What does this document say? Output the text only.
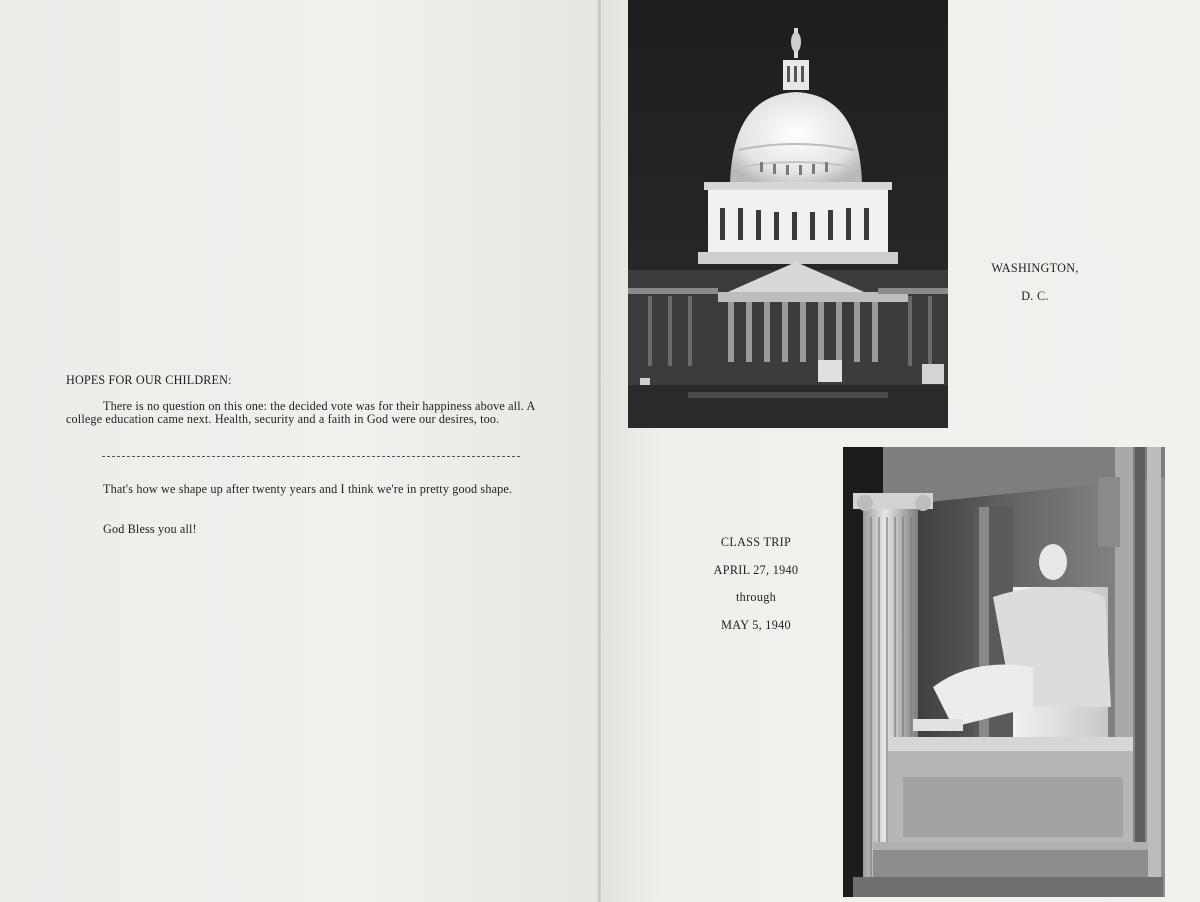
HOPES FOR OUR CHILDREN:
There is no question on this one: the decided vote was for their happiness above all. A college education came next. Health, security and a faith in God were our desires, too.
That's how we shape up after twenty years and I think we're in pretty good shape.
God Bless you all!
WASHINGTON,
D. C.
CLASS TRIP
APRIL 27, 1940
through
MAY 5, 1940
